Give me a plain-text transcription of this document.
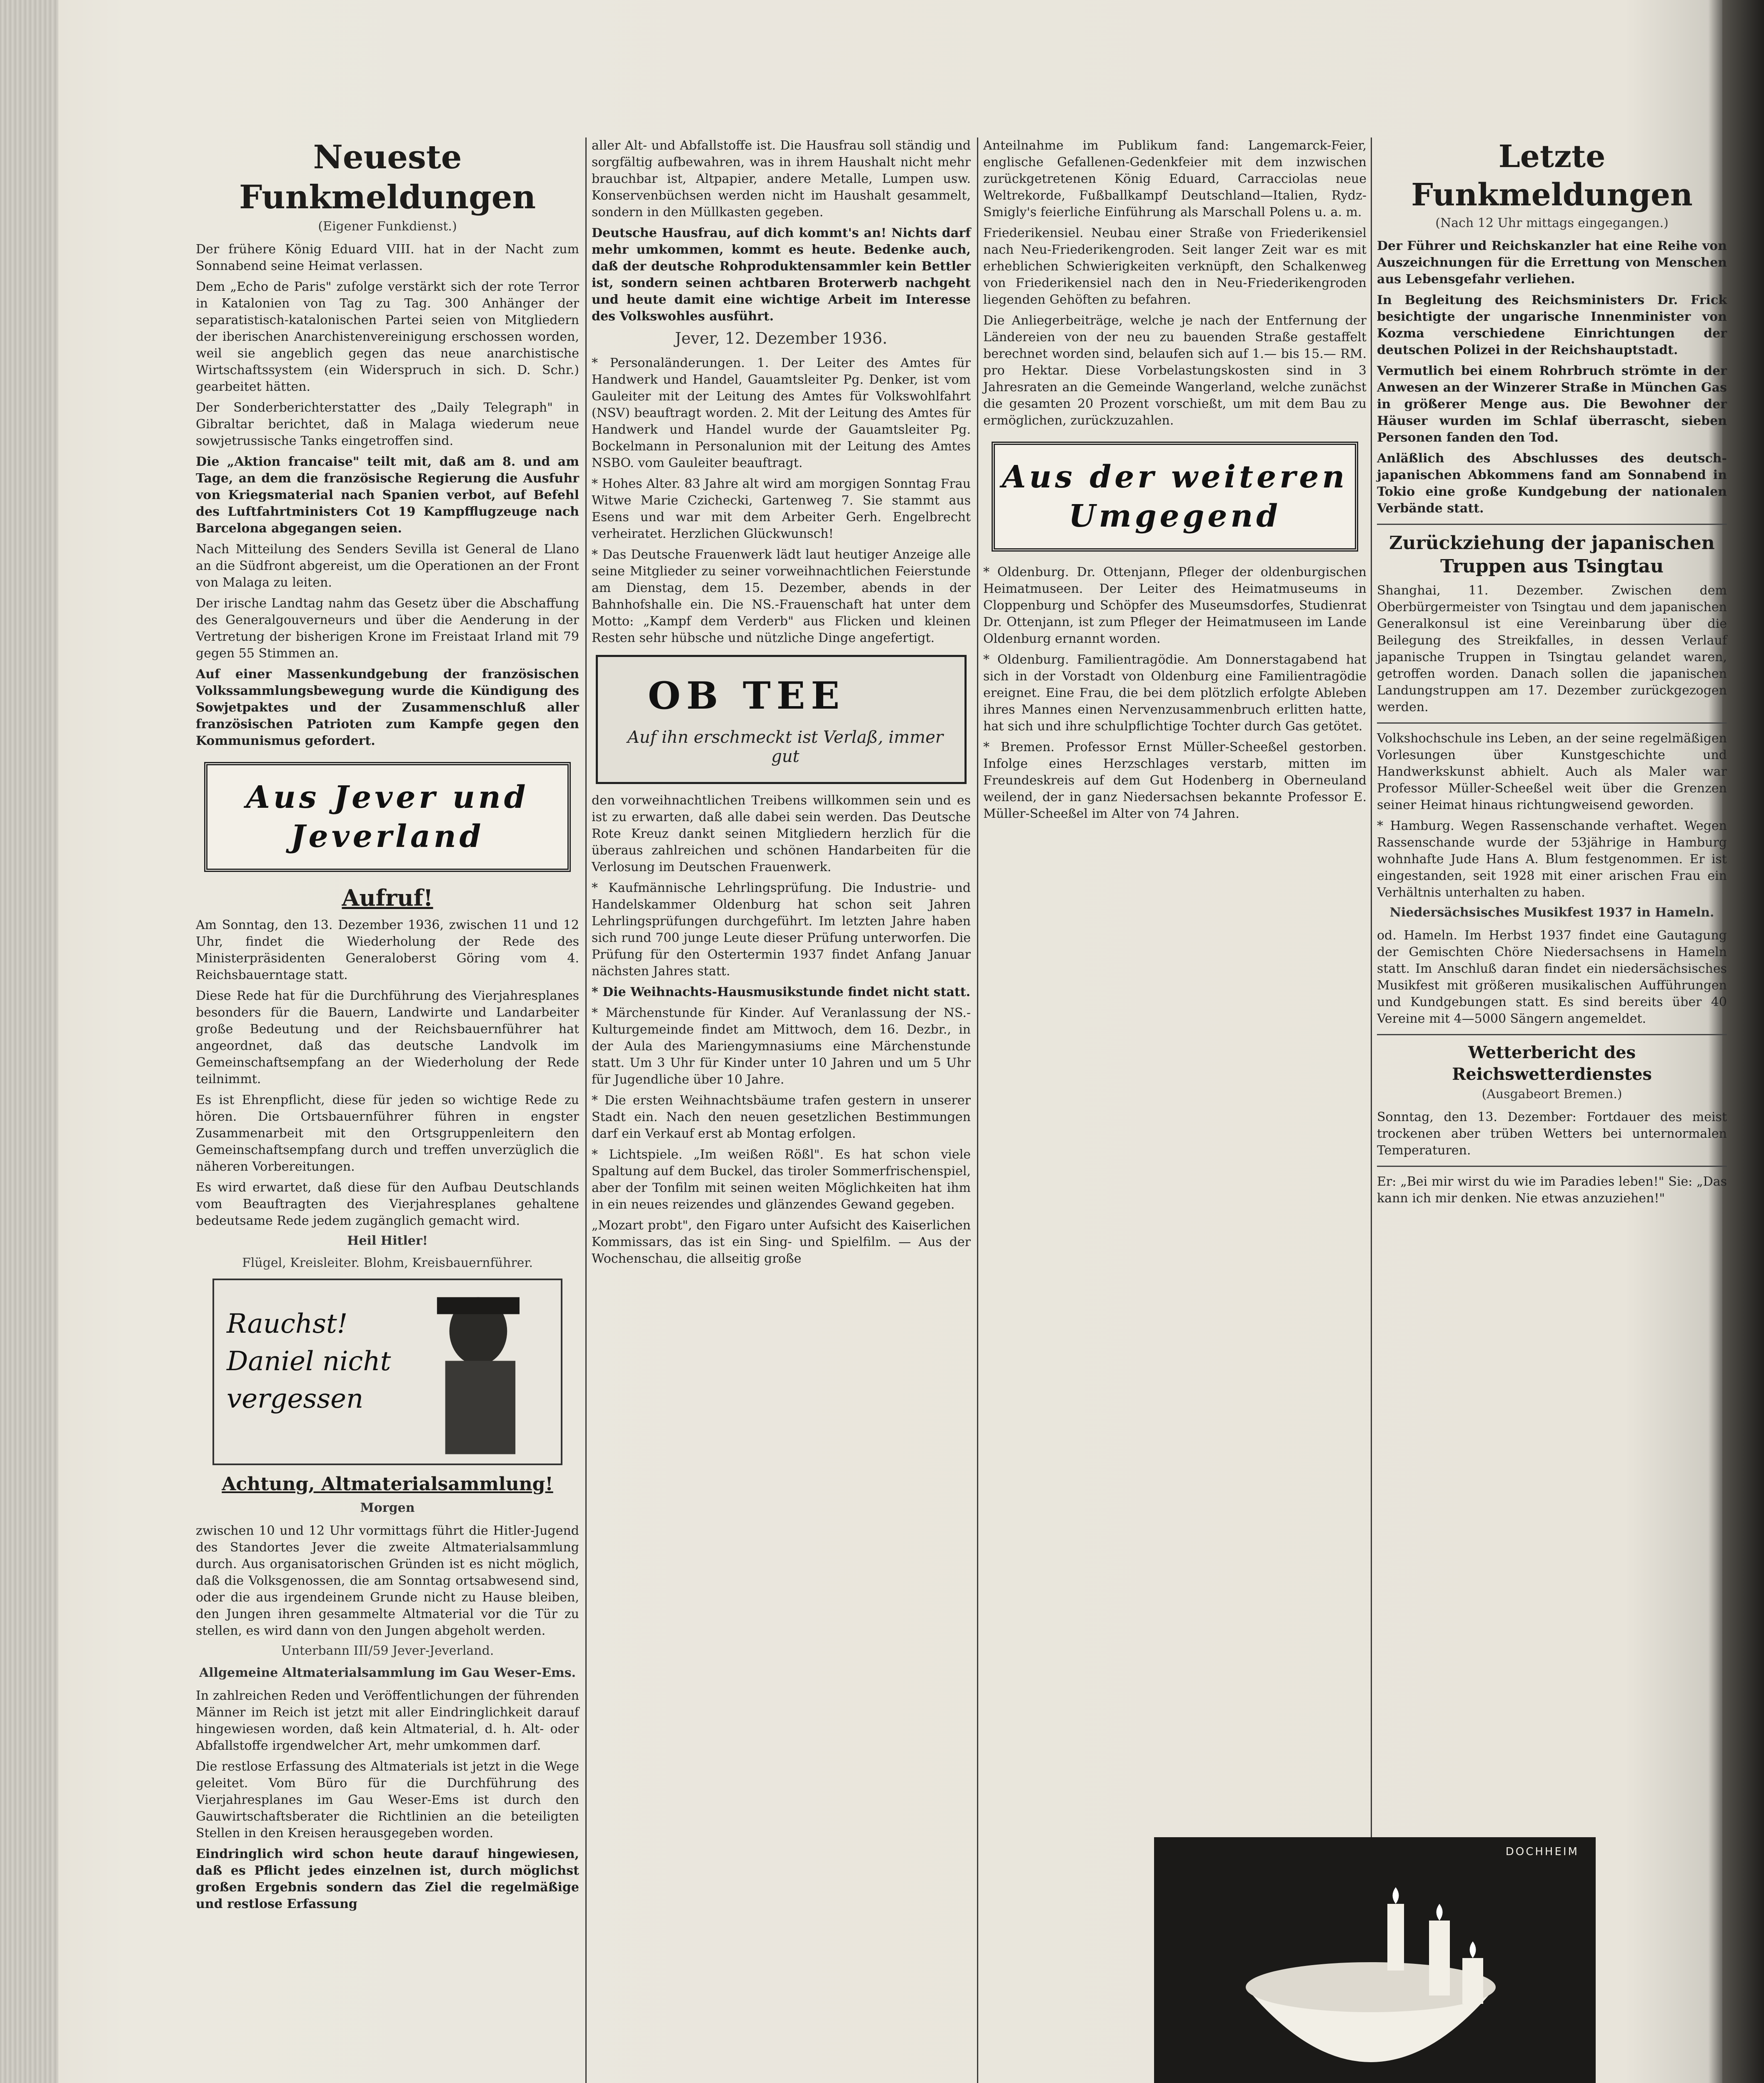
Neueste Funkmeldungen
(Eigener Funkdienst.)

Der frühere König Eduard VIII. hat in der Nacht zum Sonnabend seine Heimat verlassen.

Dem „Echo de Paris" zufolge verstärkt sich der rote Terror in Katalonien von Tag zu Tag. 300 Anhänger der separatistisch-katalonischen Partei seien von Mitgliedern der iberischen Anarchistenvereinigung erschossen worden, weil sie angeblich gegen das neue anarchistische Wirtschaftssystem (ein Widerspruch in sich. D. Schr.) gearbeitet hätten.

Der Sonderberichterstatter des „Daily Telegraph" in Gibraltar berichtet, daß in Malaga wiederum neue sowjetrussische Tanks eingetroffen sind.

Die „Aktion francaise" teilt mit, daß am 8. und am Tage, an dem die französische Regierung die Ausfuhr von Kriegsmaterial nach Spanien verbot, auf Befehl des Luftfahrtministers Cot 19 Kampfflugzeuge nach Barcelona abgegangen seien.

Nach Mitteilung des Senders Sevilla ist General de Llano an die Südfront abgereist, um die Operationen an der Front von Malaga zu leiten.

Der irische Landtag nahm das Gesetz über die Abschaffung des Generalgouverneurs und über die Aenderung in der Vertretung der bisherigen Krone im Freistaat Irland mit 79 gegen 55 Stimmen an.

Auf einer Massenkundgebung der französischen Volkssammlungsbewegung wurde die Kündigung des Sowjetpaktes und der Zusammenschluß aller französischen Patrioten zum Kampfe gegen den Kommunismus gefordert.

Aus Jever und Jeverland
Aufruf!

Am Sonntag, den 13. Dezember 1936, zwischen 11 und 12 Uhr, findet die Wiederholung der Rede des Ministerpräsidenten Generaloberst Göring vom 4. Reichsbauerntage statt.

Diese Rede hat für die Durchführung des Vierjahresplanes besonders für die Bauern, Landwirte und Landarbeiter große Bedeutung und der Reichsbauernführer hat angeordnet, daß das deutsche Landvolk im Gemeinschaftsempfang an der Wiederholung der Rede teilnimmt.

Es ist Ehrenpflicht, diese für jeden so wichtige Rede zu hören. Die Ortsbauernführer führen in engster Zusammenarbeit mit den Ortsgruppenleitern den Gemeinschaftsempfang durch und treffen unverzüglich die näheren Vorbereitungen.

Es wird erwartet, daß diese für den Aufbau Deutschlands vom Beauftragten des Vierjahresplanes gehaltene bedeutsame Rede jedem zugänglich gemacht wird.

Heil Hitler!
Flügel, Kreisleiter. Blohm, Kreisbauernführer.
Rauchst! Daniel nicht vergessen
Achtung, Altmaterialsammlung!
Morgen

zwischen 10 und 12 Uhr vormittags führt die Hitler-Jugend des Standortes Jever die zweite Altmaterialsammlung durch. Aus organisatorischen Gründen ist es nicht möglich, daß die Volksgenossen, die am Sonntag ortsabwesend sind, oder die aus irgendeinem Grunde nicht zu Hause bleiben, den Jungen ihren gesammelte Altmaterial vor die Tür zu stellen, es wird dann von den Jungen abgeholt werden.

Unterbann III/59 Jever-Jeverland.
Allgemeine Altmaterialsammlung im Gau Weser-Ems.

In zahlreichen Reden und Veröffentlichungen der führenden Männer im Reich ist jetzt mit aller Eindringlichkeit darauf hingewiesen worden, daß kein Altmaterial, d. h. Alt- oder Abfallstoffe irgendwelcher Art, mehr umkommen darf.

Die restlose Erfassung des Altmaterials ist jetzt in die Wege geleitet. Vom Büro für die Durchführung des Vierjahresplanes im Gau Weser-Ems ist durch den Gauwirtschaftsberater die Richtlinien an die beteiligten Stellen in den Kreisen herausgegeben worden.

Eindringlich wird schon heute darauf hingewiesen, daß es Pflicht jedes einzelnen ist, durch möglichst großen Ergebnis sondern das Ziel die regelmäßige und restlose Erfassung

aller Alt- und Abfallstoffe ist. Die Hausfrau soll ständig und sorgfältig aufbewahren, was in ihrem Haushalt nicht mehr brauchbar ist, Altpapier, andere Metalle, Lumpen usw. Konservenbüchsen werden nicht im Haushalt gesammelt, sondern in den Müllkasten gegeben.

Deutsche Hausfrau, auf dich kommt's an! Nichts darf mehr umkommen, kommt es heute. Bedenke auch, daß der deutsche Rohproduktensammler kein Bettler ist, sondern seinen achtbaren Broterwerb nachgeht und heute damit eine wichtige Arbeit im Interesse des Volkswohles ausführt.

Jever, 12. Dezember 1936.

* Personaländerungen. 1. Der Leiter des Amtes für Handwerk und Handel, Gauamtsleiter Pg. Denker, ist vom Gauleiter mit der Leitung des Amtes für Volkswohlfahrt (NSV) beauftragt worden. 2. Mit der Leitung des Amtes für Handwerk und Handel wurde der Gauamtsleiter Pg. Bockelmann in Personalunion mit der Leitung des Amtes NSBO. vom Gauleiter beauftragt.

* Hohes Alter. 83 Jahre alt wird am morgigen Sonntag Frau Witwe Marie Czichecki, Gartenweg 7. Sie stammt aus Esens und war mit dem Arbeiter Gerh. Engelbrecht verheiratet. Herzlichen Glückwunsch!

* Das Deutsche Frauenwerk lädt laut heutiger Anzeige alle seine Mitglieder zu seiner vorweihnachtlichen Feierstunde am Dienstag, dem 15. Dezember, abends in der Bahnhofshalle ein. Die NS.-Frauenschaft hat unter dem Motto: „Kampf dem Verderb" aus Flicken und kleinen Resten sehr hübsche und nützliche Dinge angefertigt.

OB TEE
Auf ihn erschmeckt ist Verlaß, immer gut

den vorweihnachtlichen Treibens willkommen sein und es ist zu erwarten, daß alle dabei sein werden. Das Deutsche Rote Kreuz dankt seinen Mitgliedern herzlich für die überaus zahlreichen und schönen Handarbeiten für die Verlosung im Deutschen Frauenwerk.

* Kaufmännische Lehrlingsprüfung. Die Industrie- und Handelskammer Oldenburg hat schon seit Jahren Lehrlingsprüfungen durchgeführt. Im letzten Jahre haben sich rund 700 junge Leute dieser Prüfung unterworfen. Die Prüfung für den Ostertermin 1937 findet Anfang Januar nächsten Jahres statt.

* Die Weihnachts-Hausmusikstunde findet nicht statt.

* Märchenstunde für Kinder. Auf Veranlassung der NS.-Kulturgemeinde findet am Mittwoch, dem 16. Dezbr., in der Aula des Mariengymnasiums eine Märchenstunde statt. Um 3 Uhr für Kinder unter 10 Jahren und um 5 Uhr für Jugendliche über 10 Jahre.

* Die ersten Weihnachtsbäume trafen gestern in unserer Stadt ein. Nach den neuen gesetzlichen Bestimmungen darf ein Verkauf erst ab Montag erfolgen.

* Lichtspiele. „Im weißen Rößl". Es hat schon viele Spaltung auf dem Buckel, das tiroler Sommerfrischenspiel, aber der Tonfilm mit seinen weiten Möglichkeiten hat ihm in ein neues reizendes und glänzendes Gewand gegeben.

„Mozart probt", den Figaro unter Aufsicht des Kaiserlichen Kommissars, das ist ein Sing- und Spielfilm. — Aus der Wochenschau, die allseitig große

Anteilnahme im Publikum fand: Langemarck-Feier, englische Gefallenen-Gedenkfeier mit dem inzwischen zurückgetretenen König Eduard, Carracciolas neue Weltrekorde, Fußballkampf Deutschland—Italien, Rydz-Smigly's feierliche Einführung als Marschall Polens u. a. m.

Friederikensiel. Neubau einer Straße von Friederikensiel nach Neu-Friederikengroden. Seit langer Zeit war es mit erheblichen Schwierigkeiten verknüpft, den Schalkenweg von Friederikensiel nach den in Neu-Friederikengroden liegenden Gehöften zu befahren.

Die Anliegerbeiträge, welche je nach der Entfernung der Ländereien von der neu zu bauenden Straße gestaffelt berechnet worden sind, belaufen sich auf 1.— bis 15.— RM. pro Hektar. Diese Vorbelastungskosten sind in 3 Jahresraten an die Gemeinde Wangerland, welche zunächst die gesamten 20 Prozent vorschießt, um mit dem Bau zu ermöglichen, zurückzuzahlen.

Aus der weiteren Umgegend

* Oldenburg. Dr. Ottenjann, Pfleger der oldenburgischen Heimatmuseen. Der Leiter des Heimatmuseums in Cloppenburg und Schöpfer des Museumsdorfes, Studienrat Dr. Ottenjann, ist zum Pfleger der Heimatmuseen im Lande Oldenburg ernannt worden.

* Oldenburg. Familientragödie. Am Donnerstagabend hat sich in der Vorstadt von Oldenburg eine Familientragödie ereignet. Eine Frau, die bei dem plötzlich erfolgte Ableben ihres Mannes einen Nervenzusammenbruch erlitten hatte, hat sich und ihre schulpflichtige Tochter durch Gas getötet.

* Bremen. Professor Ernst Müller-Scheeßel gestorben. Infolge eines Herzschlages verstarb, mitten im Freundeskreis auf dem Gut Hodenberg in Oberneuland weilend, der in ganz Niedersachsen bekannte Professor E. Müller-Scheeßel im Alter von 74 Jahren.

DOCHHEIM
Letzte Funkmeldungen
(Nach 12 Uhr mittags eingegangen.)

Der Führer und Reichskanzler hat eine Reihe von Auszeichnungen für die Errettung von Menschen aus Lebensgefahr verliehen.

In Begleitung des Reichsministers Dr. Frick besichtigte der ungarische Innenminister von Kozma verschiedene Einrichtungen der deutschen Polizei in der Reichshauptstadt.

Vermutlich bei einem Rohrbruch strömte in der Anwesen an der Winzerer Straße in München Gas in größerer Menge aus. Die Bewohner der Häuser wurden im Schlaf überrascht, sieben Personen fanden den Tod.

Anläßlich des Abschlusses des deutsch-japanischen Abkommens fand am Sonnabend in Tokio eine große Kundgebung der nationalen Verbände statt.

Zurückziehung der japanischen Truppen aus Tsingtau

Shanghai, 11. Dezember. Zwischen dem Oberbürgermeister von Tsingtau und dem japanischen Generalkonsul ist eine Vereinbarung über die Beilegung des Streikfalles, in dessen Verlauf japanische Truppen in Tsingtau gelandet waren, getroffen worden. Danach sollen die japanischen Landungstruppen am 17. Dezember zurückgezogen werden.

Volkshochschule ins Leben, an der seine regelmäßigen Vorlesungen über Kunstgeschichte und Handwerkskunst abhielt. Auch als Maler war Professor Müller-Scheeßel weit über die Grenzen seiner Heimat hinaus richtungweisend geworden.

* Hamburg. Wegen Rassenschande verhaftet. Wegen Rassenschande wurde der 53jährige in Hamburg wohnhafte Jude Hans A. Blum festgenommen. Er ist eingestanden, seit 1928 mit einer arischen Frau ein Verhältnis unterhalten zu haben.

Niedersächsisches Musikfest 1937 in Hameln.

od. Hameln. Im Herbst 1937 findet eine Gautagung der Gemischten Chöre Niedersachsens in Hameln statt. Im Anschluß daran findet ein niedersächsisches Musikfest mit größeren musikalischen Aufführungen und Kundgebungen statt. Es sind bereits über 40 Vereine mit 4—5000 Sängern angemeldet.

Wetterbericht des Reichswetterdienstes
(Ausgabeort Bremen.)

Sonntag, den 13. Dezember: Fortdauer des meist trockenen aber trüben Wetters bei unternormalen Temperaturen.

Er: „Bei mir wirst du wie im Paradies leben!" Sie: „Das kann ich mir denken. Nie etwas anzuziehen!"
